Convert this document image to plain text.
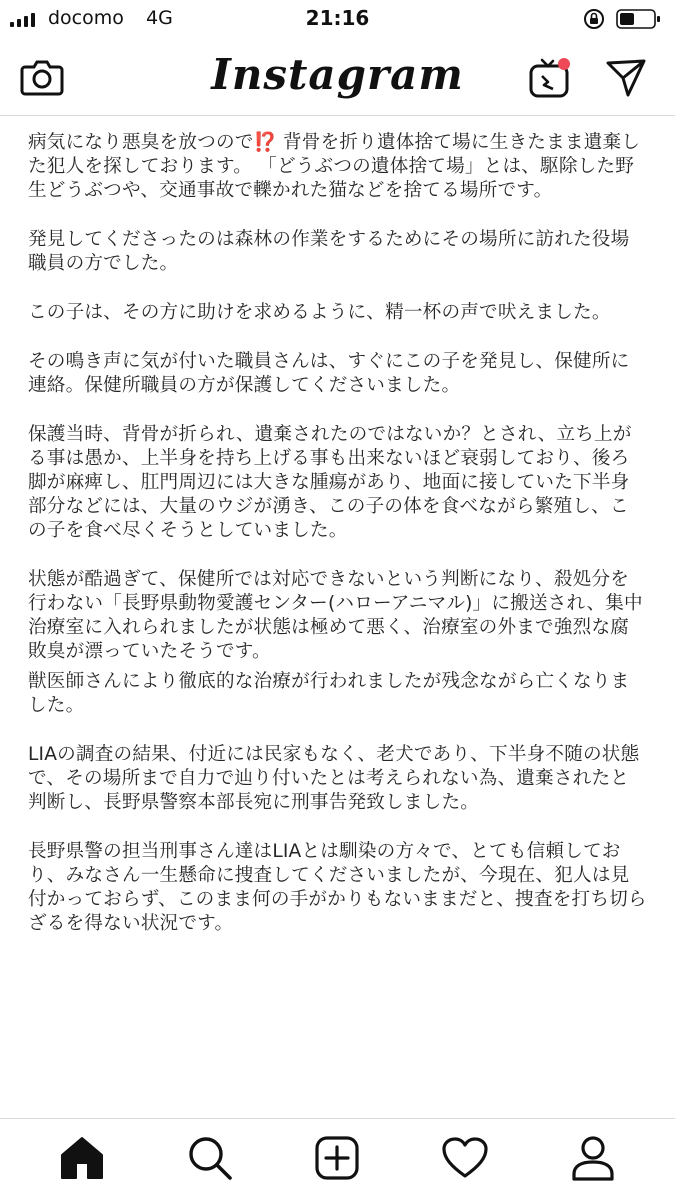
docomo 4G	21:16
Instagram

病気になり悪臭を放つので⁉️ 背骨を折り遺体捨て場に生きたまま遺棄した犯人を探しております。 「どうぶつの遺体捨て場」とは、駆除した野生どうぶつや、交通事故で轢かれた猫などを捨てる場所です。

発見してくださったのは森林の作業をするためにその場所に訪れた役場職員の方でした。

この子は、その方に助けを求めるように、精一杯の声で吠えました。

その鳴き声に気が付いた職員さんは、すぐにこの子を発見し、保健所に連絡。保健所職員の方が保護してくださいました。

保護当時、背骨が折られ、遺棄されたのではないか？とされ、立ち上がる事は愚か、上半身を持ち上げる事も出来ないほど衰弱しており、後ろ脚が麻痺し、肛門周辺には大きな腫瘍があり、地面に接していた下半身部分などには、大量のウジが湧き、この子の体を食べながら繁殖し、この子を食べ尽くそうとしていました。

状態が酷過ぎて、保健所では対応できないという判断になり、殺処分を行わない「長野県動物愛護センター(ハローアニマル)」に搬送され、集中治療室に入れられましたが状態は極めて悪く、治療室の外まで強烈な腐敗臭が漂っていたそうです。

獣医師さんにより徹底的な治療が行われましたが残念ながら亡くなりました。

LIAの調査の結果、付近には民家もなく、老犬であり、下半身不随の状態で、その場所まで自力で辿り付いたとは考えられない為、遺棄されたと判断し、長野県警察本部長宛に刑事告発致しました。

長野県警の担当刑事さん達はLIAとは馴染の方々で、とても信頼しており、みなさん一生懸命に捜査してくださいましたが、今現在、犯人は見付かっておらず、このまま何の手がかりもないままだと、捜査を打ち切らざるを得ない状況です。
